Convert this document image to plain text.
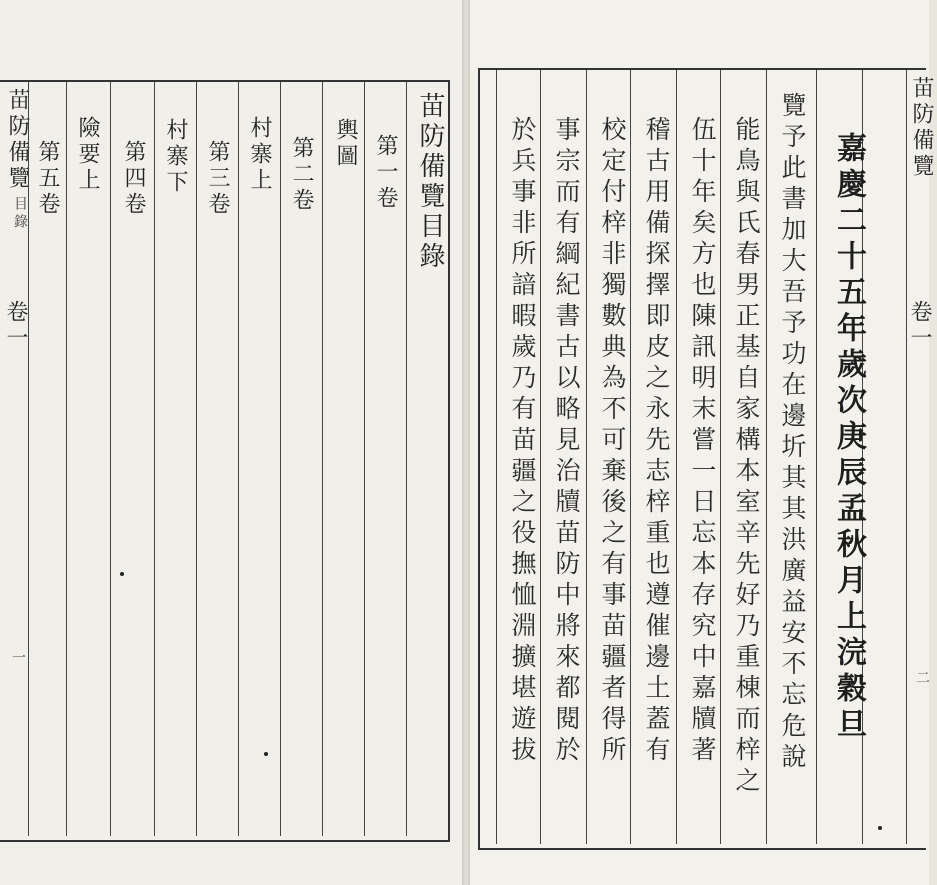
苗防備覽
目錄
卷一
一
苗防備覽目錄
第一卷
輿圖
第二卷
村寨上
第三卷
村寨下
第四卷
第五卷 險要上	苗防備覽
卷一
二
嘉慶二十五年歲次庚辰孟秋月上浣穀旦
覽予此書加大吾予功在邊圻其其洪廣益安不忘危說
能鳥與氏春男正基自家構本室辛先好乃重棟而梓之
伍十年矣方也陳訊明末嘗一日忘本存究中嘉牘著
稽古用備探擇即皮之永先志梓重也遵催邊土蓋有
校定付梓非獨數典為不可棄後之有事苗疆者得所
事宗而有綱紀書古以略見治牘苗防中將來都閱於
於兵事非所諳暇歲乃有苗疆之役撫恤淵擴堪遊拔
